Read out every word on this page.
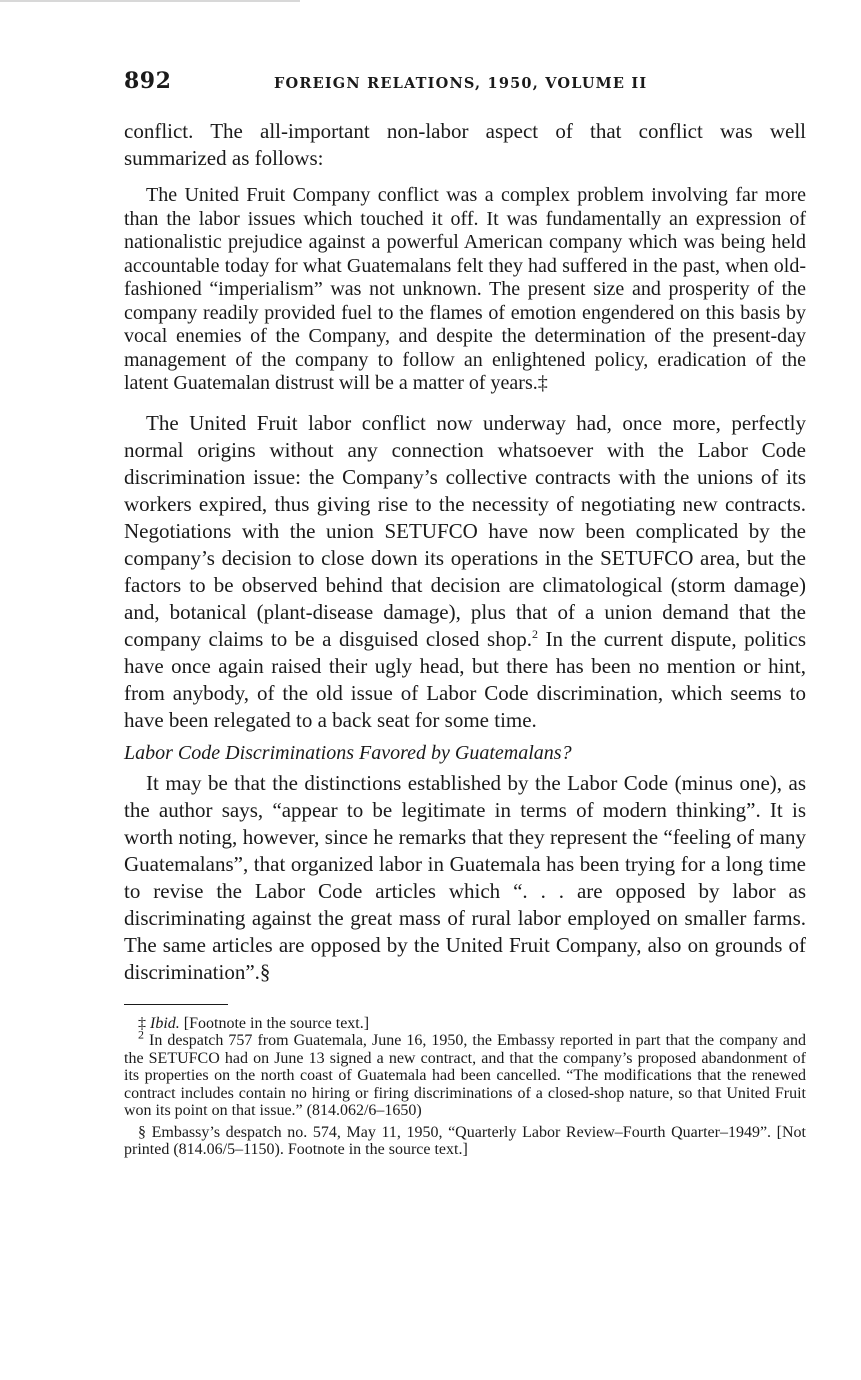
892	FOREIGN RELATIONS, 1950, VOLUME II

conflict. The all-important non-labor aspect of that conflict was well summarized as follows:

The United Fruit Company conflict was a complex problem involving far more than the labor issues which touched it off. It was fundamentally an expression of nationalistic prejudice against a powerful American company which was being held accountable today for what Guatemalans felt they had suffered in the past, when old-fashioned “imperialism” was not unknown. The present size and prosperity of the company readily provided fuel to the flames of emotion engendered on this basis by vocal enemies of the Company, and despite the determination of the present-day management of the company to follow an enlightened policy, eradication of the latent Guatemalan distrust will be a matter of years.‡

The United Fruit labor conflict now underway had, once more, perfectly normal origins without any connection whatsoever with the Labor Code discrimination issue: the Company’s collective contracts with the unions of its workers expired, thus giving rise to the necessity of negotiating new contracts. Negotiations with the union SETUFCO have now been complicated by the company’s decision to close down its operations in the SETUFCO area, but the factors to be observed behind that decision are climatological (storm damage) and, botanical (plant-disease damage), plus that of a union demand that the company claims to be a disguised closed shop.$^2$ In the current dispute, politics have once again raised their ugly head, but there has been no mention or hint, from anybody, of the old issue of Labor Code discrimination, which seems to have been relegated to a back seat for some time.

Labor Code Discriminations Favored by Guatemalans?

It may be that the distinctions established by the Labor Code (minus one), as the author says, “appear to be legitimate in terms of modern thinking”. It is worth noting, however, since he remarks that they represent the “feeling of many Guatemalans”, that organized labor in Guatemala has been trying for a long time to revise the Labor Code articles which “. . . are opposed by labor as discriminating against the great mass of rural labor employed on smaller farms. The same articles are opposed by the United Fruit Company, also on grounds of discrimination”.§

‡ Ibid. [Footnote in the source text.]

$^2$ In despatch 757 from Guatemala, June 16, 1950, the Embassy reported in part that the company and the SETUFCO had on June 13 signed a new contract, and that the company’s proposed abandonment of its properties on the north coast of Guatemala had been cancelled. “The modifications that the renewed contract includes contain no hiring or firing discriminations of a closed-shop nature, so that United Fruit won its point on that issue.” (814.062/6–1650)

§ Embassy’s despatch no. 574, May 11, 1950, “Quarterly Labor Review–Fourth Quarter–1949”. [Not printed (814.06/5–1150). Footnote in the source text.]
